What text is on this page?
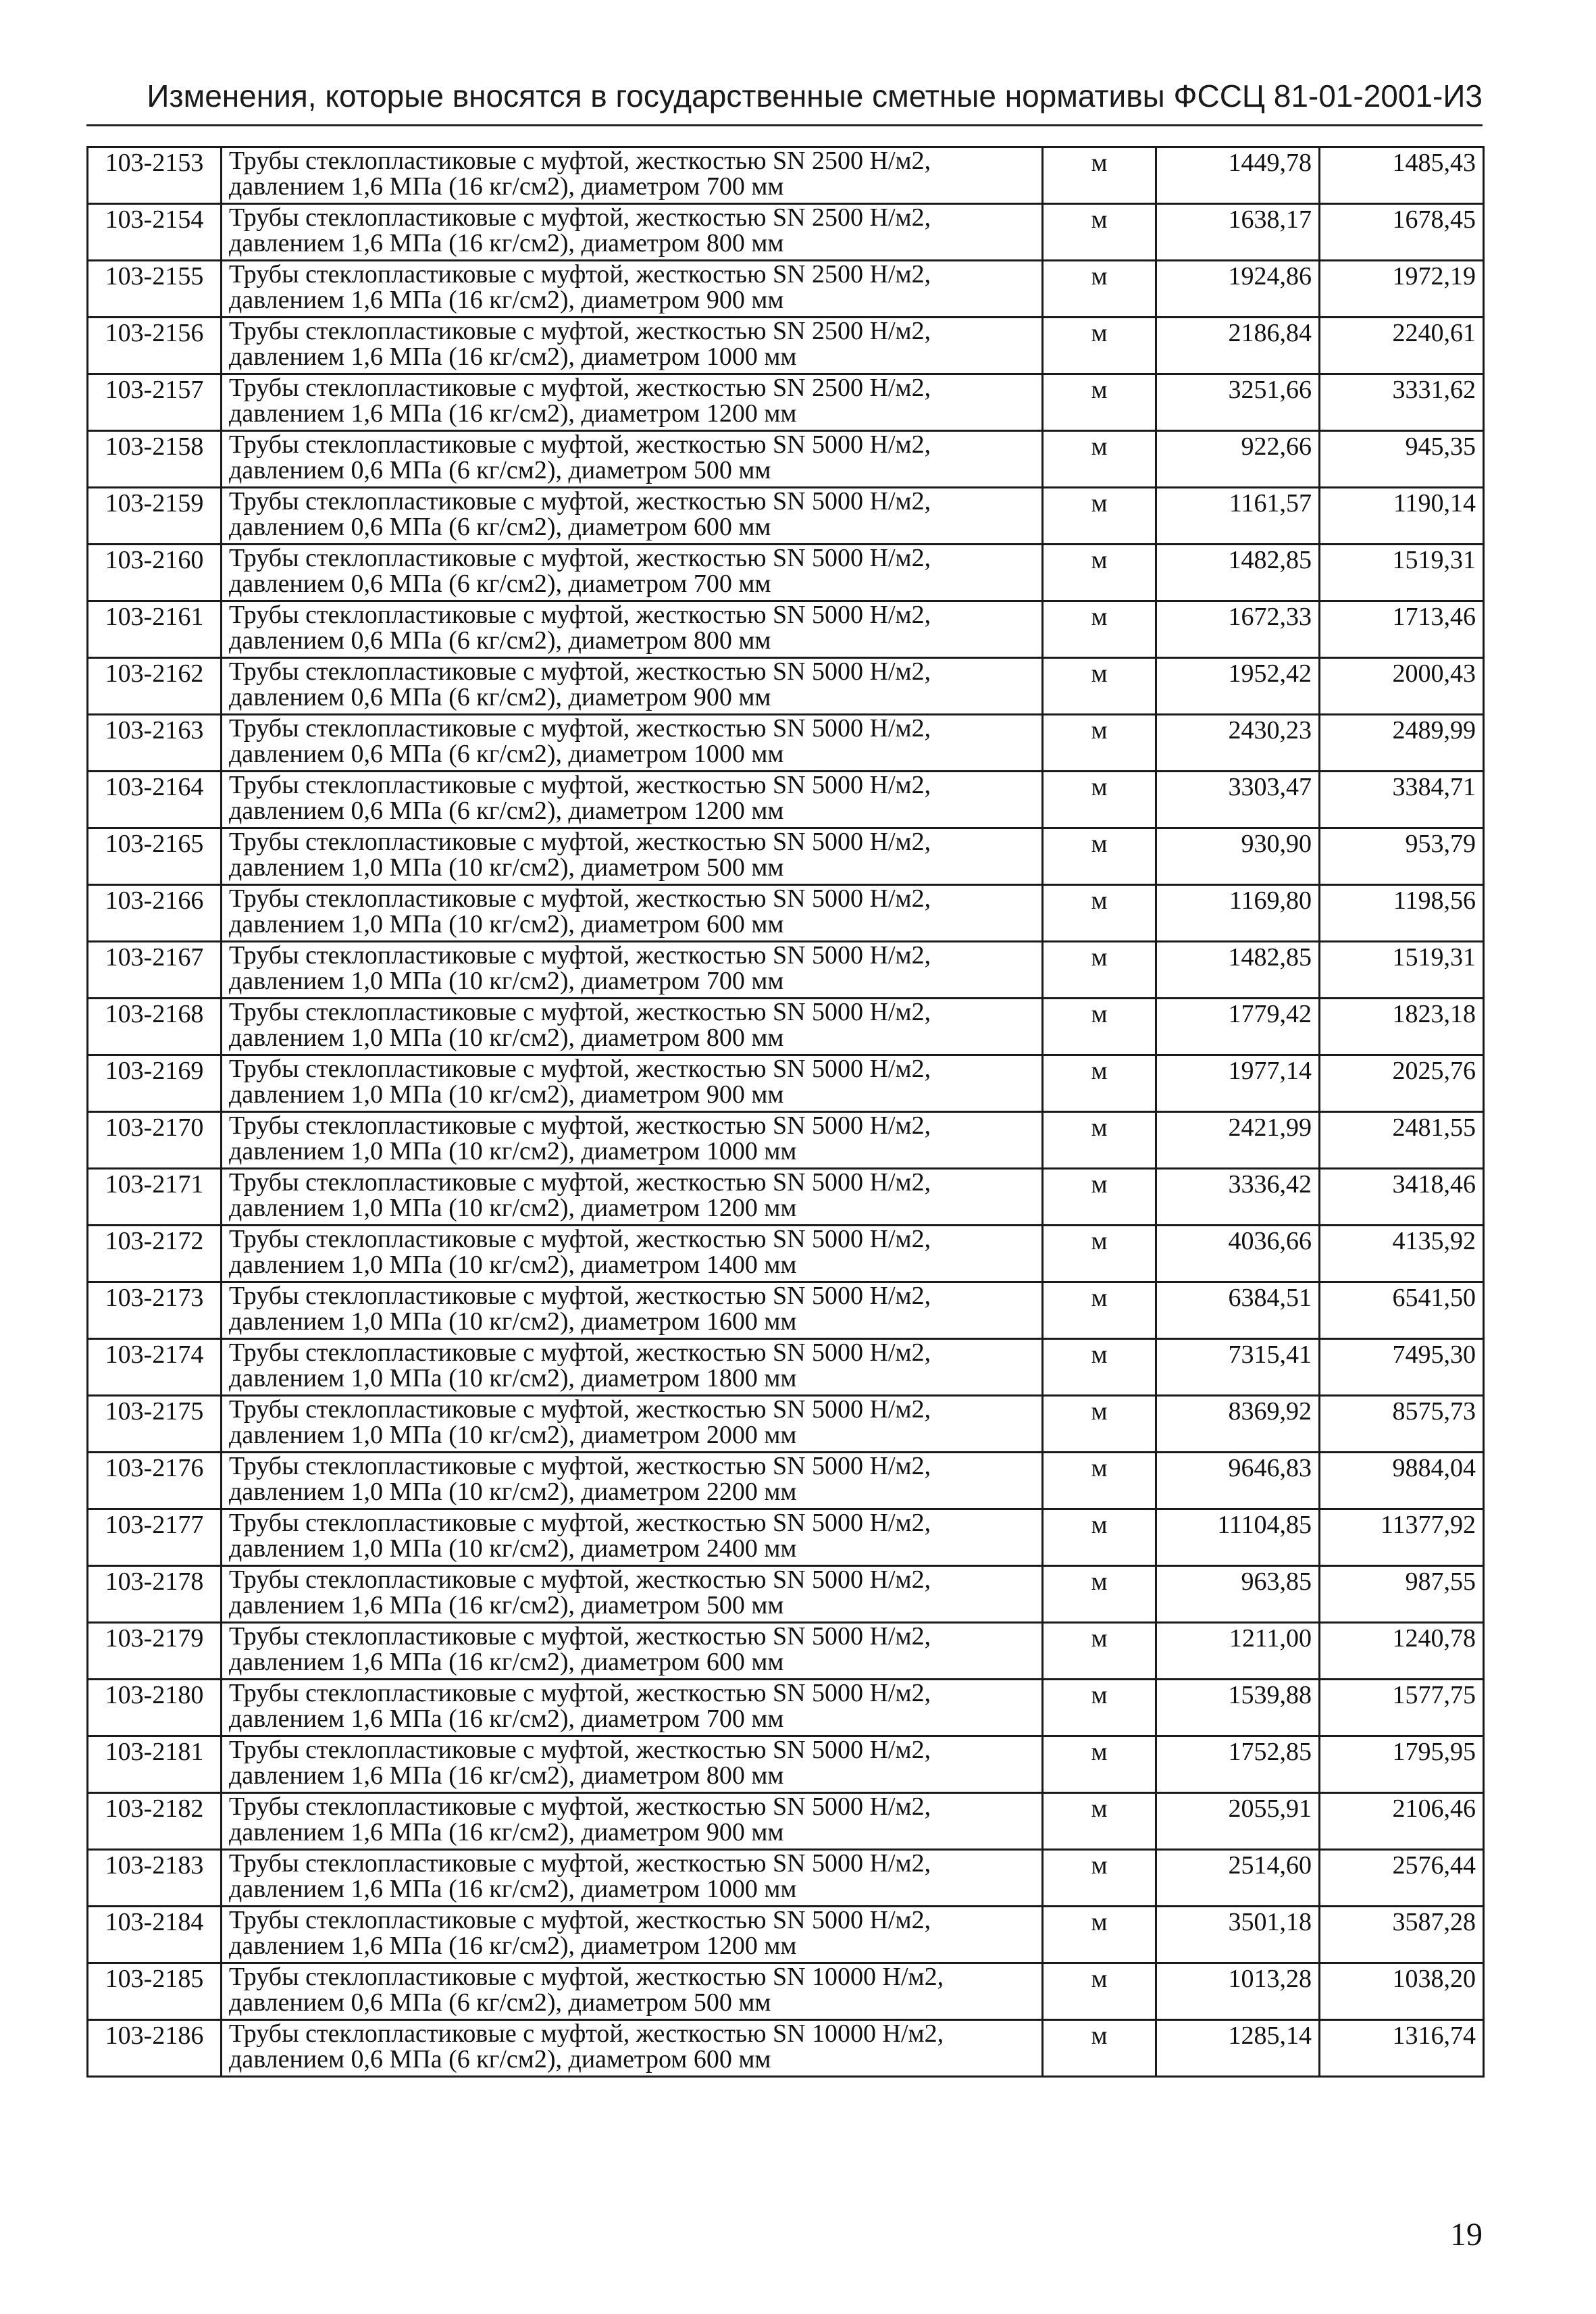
Изменения, которые вносятся в государственные сметные нормативы ФССЦ 81-01-2001-И3
103-2153	Трубы стеклопластиковые с муфтой, жесткостью SN 2500 Н/м2, давлением 1,6 МПа (16 кг/см2), диаметром 700 мм	м	1449,78	1485,43
103-2154	Трубы стеклопластиковые с муфтой, жесткостью SN 2500 Н/м2, давлением 1,6 МПа (16 кг/см2), диаметром 800 мм	м	1638,17	1678,45
103-2155	Трубы стеклопластиковые с муфтой, жесткостью SN 2500 Н/м2, давлением 1,6 МПа (16 кг/см2), диаметром 900 мм	м	1924,86	1972,19
103-2156	Трубы стеклопластиковые с муфтой, жесткостью SN 2500 Н/м2, давлением 1,6 МПа (16 кг/см2), диаметром 1000 мм	м	2186,84	2240,61
103-2157	Трубы стеклопластиковые с муфтой, жесткостью SN 2500 Н/м2, давлением 1,6 МПа (16 кг/см2), диаметром 1200 мм	м	3251,66	3331,62
103-2158	Трубы стеклопластиковые с муфтой, жесткостью SN 5000 Н/м2, давлением 0,6 МПа (6 кг/см2), диаметром 500 мм	м	922,66	945,35
103-2159	Трубы стеклопластиковые с муфтой, жесткостью SN 5000 Н/м2, давлением 0,6 МПа (6 кг/см2), диаметром 600 мм	м	1161,57	1190,14
103-2160	Трубы стеклопластиковые с муфтой, жесткостью SN 5000 Н/м2, давлением 0,6 МПа (6 кг/см2), диаметром 700 мм	м	1482,85	1519,31
103-2161	Трубы стеклопластиковые с муфтой, жесткостью SN 5000 Н/м2, давлением 0,6 МПа (6 кг/см2), диаметром 800 мм	м	1672,33	1713,46
103-2162	Трубы стеклопластиковые с муфтой, жесткостью SN 5000 Н/м2, давлением 0,6 МПа (6 кг/см2), диаметром 900 мм	м	1952,42	2000,43
103-2163	Трубы стеклопластиковые с муфтой, жесткостью SN 5000 Н/м2, давлением 0,6 МПа (6 кг/см2), диаметром 1000 мм	м	2430,23	2489,99
103-2164	Трубы стеклопластиковые с муфтой, жесткостью SN 5000 Н/м2, давлением 0,6 МПа (6 кг/см2), диаметром 1200 мм	м	3303,47	3384,71
103-2165	Трубы стеклопластиковые с муфтой, жесткостью SN 5000 Н/м2, давлением 1,0 МПа (10 кг/см2), диаметром 500 мм	м	930,90	953,79
103-2166	Трубы стеклопластиковые с муфтой, жесткостью SN 5000 Н/м2, давлением 1,0 МПа (10 кг/см2), диаметром 600 мм	м	1169,80	1198,56
103-2167	Трубы стеклопластиковые с муфтой, жесткостью SN 5000 Н/м2, давлением 1,0 МПа (10 кг/см2), диаметром 700 мм	м	1482,85	1519,31
103-2168	Трубы стеклопластиковые с муфтой, жесткостью SN 5000 Н/м2, давлением 1,0 МПа (10 кг/см2), диаметром 800 мм	м	1779,42	1823,18
103-2169	Трубы стеклопластиковые с муфтой, жесткостью SN 5000 Н/м2, давлением 1,0 МПа (10 кг/см2), диаметром 900 мм	м	1977,14	2025,76
103-2170	Трубы стеклопластиковые с муфтой, жесткостью SN 5000 Н/м2, давлением 1,0 МПа (10 кг/см2), диаметром 1000 мм	м	2421,99	2481,55
103-2171	Трубы стеклопластиковые с муфтой, жесткостью SN 5000 Н/м2, давлением 1,0 МПа (10 кг/см2), диаметром 1200 мм	м	3336,42	3418,46
103-2172	Трубы стеклопластиковые с муфтой, жесткостью SN 5000 Н/м2, давлением 1,0 МПа (10 кг/см2), диаметром 1400 мм	м	4036,66	4135,92
103-2173	Трубы стеклопластиковые с муфтой, жесткостью SN 5000 Н/м2, давлением 1,0 МПа (10 кг/см2), диаметром 1600 мм	м	6384,51	6541,50
103-2174	Трубы стеклопластиковые с муфтой, жесткостью SN 5000 Н/м2, давлением 1,0 МПа (10 кг/см2), диаметром 1800 мм	м	7315,41	7495,30
103-2175	Трубы стеклопластиковые с муфтой, жесткостью SN 5000 Н/м2, давлением 1,0 МПа (10 кг/см2), диаметром 2000 мм	м	8369,92	8575,73
103-2176	Трубы стеклопластиковые с муфтой, жесткостью SN 5000 Н/м2, давлением 1,0 МПа (10 кг/см2), диаметром 2200 мм	м	9646,83	9884,04
103-2177	Трубы стеклопластиковые с муфтой, жесткостью SN 5000 Н/м2, давлением 1,0 МПа (10 кг/см2), диаметром 2400 мм	м	11104,85	11377,92
103-2178	Трубы стеклопластиковые с муфтой, жесткостью SN 5000 Н/м2, давлением 1,6 МПа (16 кг/см2), диаметром 500 мм	м	963,85	987,55
103-2179	Трубы стеклопластиковые с муфтой, жесткостью SN 5000 Н/м2, давлением 1,6 МПа (16 кг/см2), диаметром 600 мм	м	1211,00	1240,78
103-2180	Трубы стеклопластиковые с муфтой, жесткостью SN 5000 Н/м2, давлением 1,6 МПа (16 кг/см2), диаметром 700 мм	м	1539,88	1577,75
103-2181	Трубы стеклопластиковые с муфтой, жесткостью SN 5000 Н/м2, давлением 1,6 МПа (16 кг/см2), диаметром 800 мм	м	1752,85	1795,95
103-2182	Трубы стеклопластиковые с муфтой, жесткостью SN 5000 Н/м2, давлением 1,6 МПа (16 кг/см2), диаметром 900 мм	м	2055,91	2106,46
103-2183	Трубы стеклопластиковые с муфтой, жесткостью SN 5000 Н/м2, давлением 1,6 МПа (16 кг/см2), диаметром 1000 мм	м	2514,60	2576,44
103-2184	Трубы стеклопластиковые с муфтой, жесткостью SN 5000 Н/м2, давлением 1,6 МПа (16 кг/см2), диаметром 1200 мм	м	3501,18	3587,28
103-2185	Трубы стеклопластиковые с муфтой, жесткостью SN 10000 Н/м2, давлением 0,6 МПа (6 кг/см2), диаметром 500 мм	м	1013,28	1038,20
103-2186	Трубы стеклопластиковые с муфтой, жесткостью SN 10000 Н/м2, давлением 0,6 МПа (6 кг/см2), диаметром 600 мм	м	1285,14	1316,74
19
